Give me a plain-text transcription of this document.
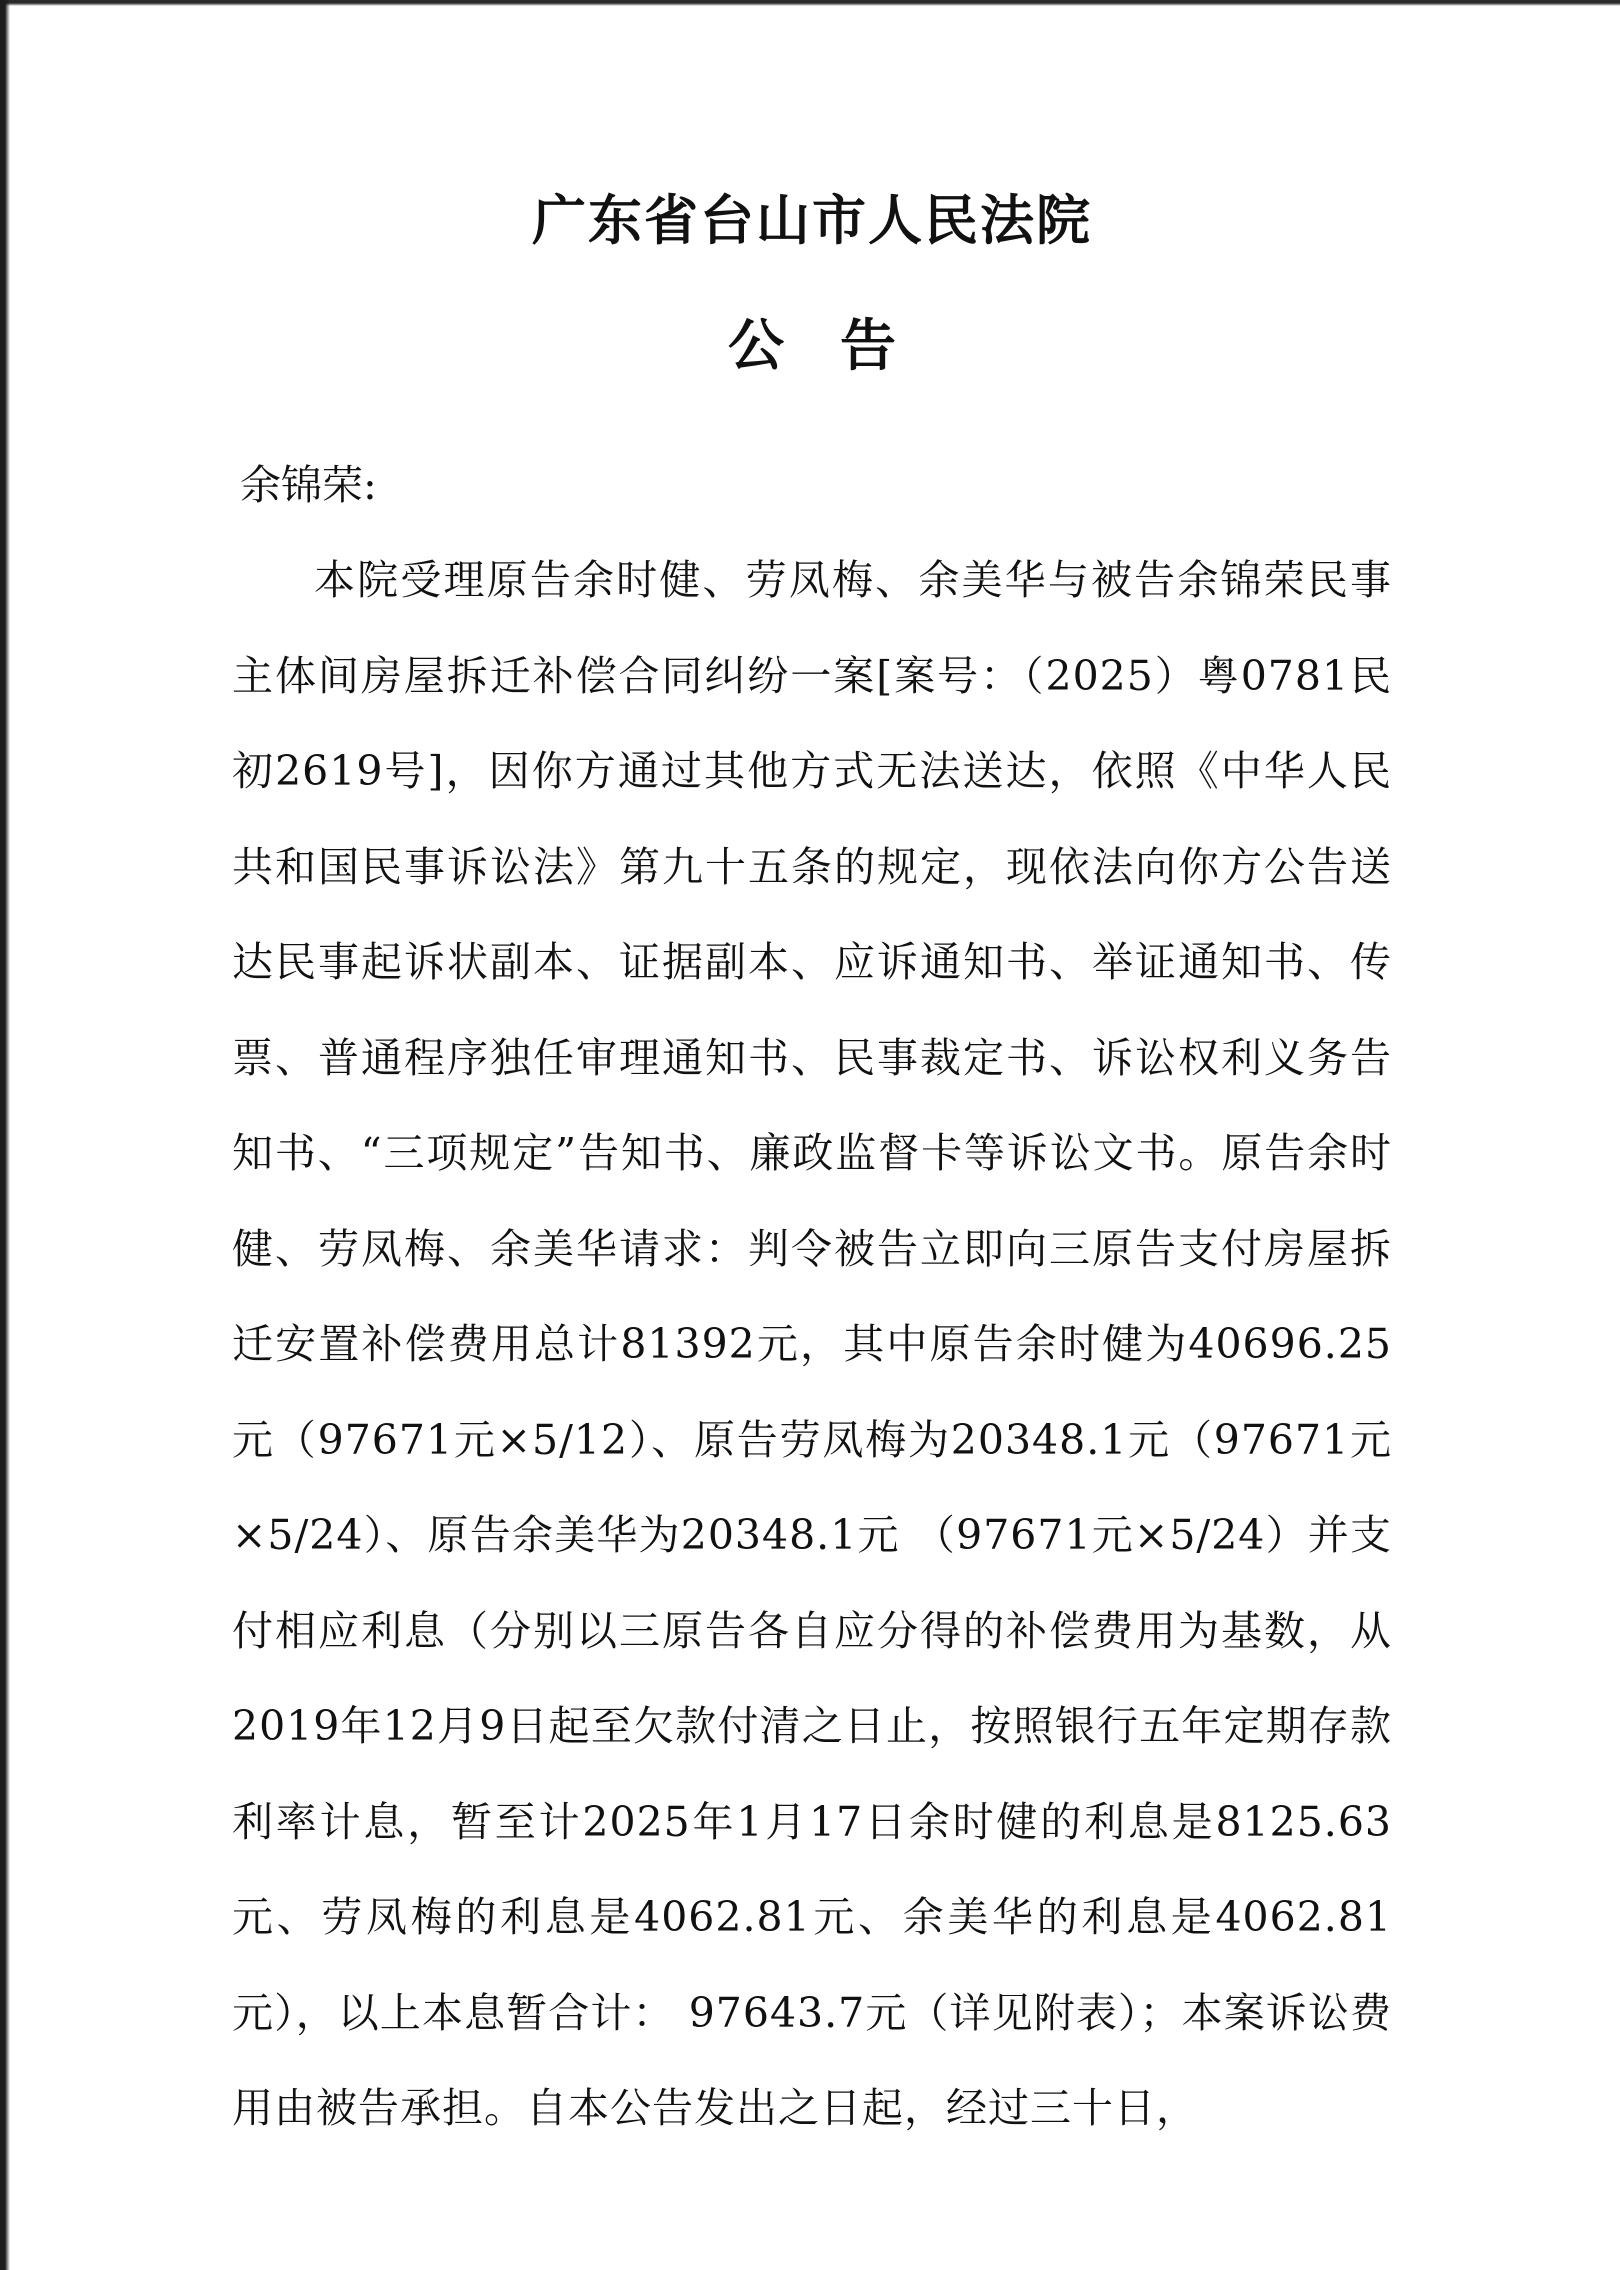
广东省台山市人民法院
公　告

余锦荣:

本院受理原告余时健、劳凤梅、余美华与被告余锦荣民事主体间房屋拆迁补偿合同纠纷一案[案号：（2025）粤0781民初2619号]，因你方通过其他方式无法送达，依照《中华人民共和国民事诉讼法》第九十五条的规定，现依法向你方公告送达民事起诉状副本、证据副本、应诉通知书、举证通知书、传票、普通程序独任审理通知书、民事裁定书、诉讼权利义务告知书、“三项规定”告知书、廉政监督卡等诉讼文书。原告余时健、劳凤梅、余美华请求：判令被告立即向三原告支付房屋拆迁安置补偿费用总计81392元，其中原告余时健为40696.25元（97671元×5/12）、原告劳凤梅为20348.1元（97671元×5/24）、原告余美华为20348.1元 （97671元×5/24）并支付相应利息（分别以三原告各自应分得的补偿费用为基数，从2019年12月9日起至欠款付清之日止，按照银行五年定期存款利率计息，暂至计2025年1月17日余时健的利息是8125.63元、劳凤梅的利息是4062.81元、余美华的利息是4062.81元），以上本息暂合计： 97643.7元（详见附表）；本案诉讼费用由被告承担。自本公告发出之日起，经过三十日，
